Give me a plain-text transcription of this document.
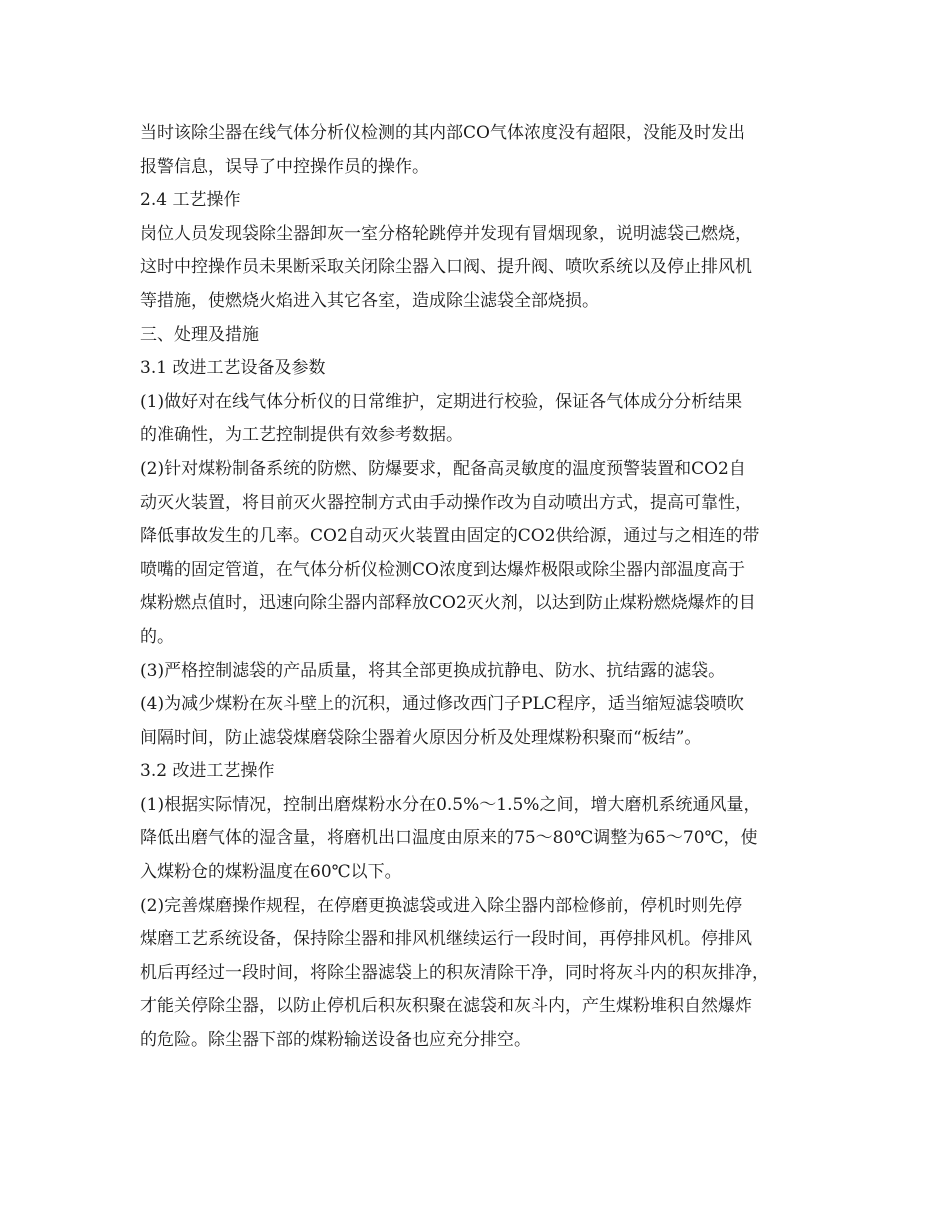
当时该除尘器在线气体分析仪检测的其内部CO气体浓度没有超限，没能及时发出
报警信息，误导了中控操作员的操作。
2.4 工艺操作
岗位人员发现袋除尘器卸灰一室分格轮跳停并发现有冒烟现象，说明滤袋己燃烧，
这时中控操作员未果断采取关闭除尘器入口阀、提升阀、喷吹系统以及停止排风机
等措施，使燃烧火焰进入其它各室，造成除尘滤袋全部烧损。
三、处理及措施
3.1 改进工艺设备及参数
(1)做好对在线气体分析仪的日常维护，定期进行校验，保证各气体成分分析结果
的准确性，为工艺控制提供有效参考数据。
(2)针对煤粉制备系统的防燃、防爆要求，配备高灵敏度的温度预警装置和CO2自
动灭火装置，将目前灭火器控制方式由手动操作改为自动喷出方式，提高可靠性，
降低事故发生的几率。CO2自动灭火装置由固定的CO2供给源，通过与之相连的带
喷嘴的固定管道，在气体分析仪检测CO浓度到达爆炸极限或除尘器内部温度高于
煤粉燃点值时，迅速向除尘器内部释放CO2灭火剂，以达到防止煤粉燃烧爆炸的目
的。
(3)严格控制滤袋的产品质量，将其全部更换成抗静电、防水、抗结露的滤袋。
(4)为减少煤粉在灰斗壁上的沉积，通过修改西门子PLC程序，适当缩短滤袋喷吹
间隔时间，防止滤袋煤磨袋除尘器着火原因分析及处理煤粉积聚而“板结”。
3.2 改进工艺操作
(1)根据实际情况，控制出磨煤粉水分在0.5%～1.5%之间，增大磨机系统通风量，
降低出磨气体的湿含量，将磨机出口温度由原来的75～80℃调整为65～70℃，使
入煤粉仓的煤粉温度在60℃以下。
(2)完善煤磨操作规程，在停磨更换滤袋或进入除尘器内部检修前，停机时则先停
煤磨工艺系统设备，保持除尘器和排风机继续运行一段时间，再停排风机。停排风
机后再经过一段时间，将除尘器滤袋上的积灰清除干净，同时将灰斗内的积灰排净，
才能关停除尘器，以防止停机后积灰积聚在滤袋和灰斗内，产生煤粉堆积自然爆炸
的危险。除尘器下部的煤粉输送设备也应充分排空。
